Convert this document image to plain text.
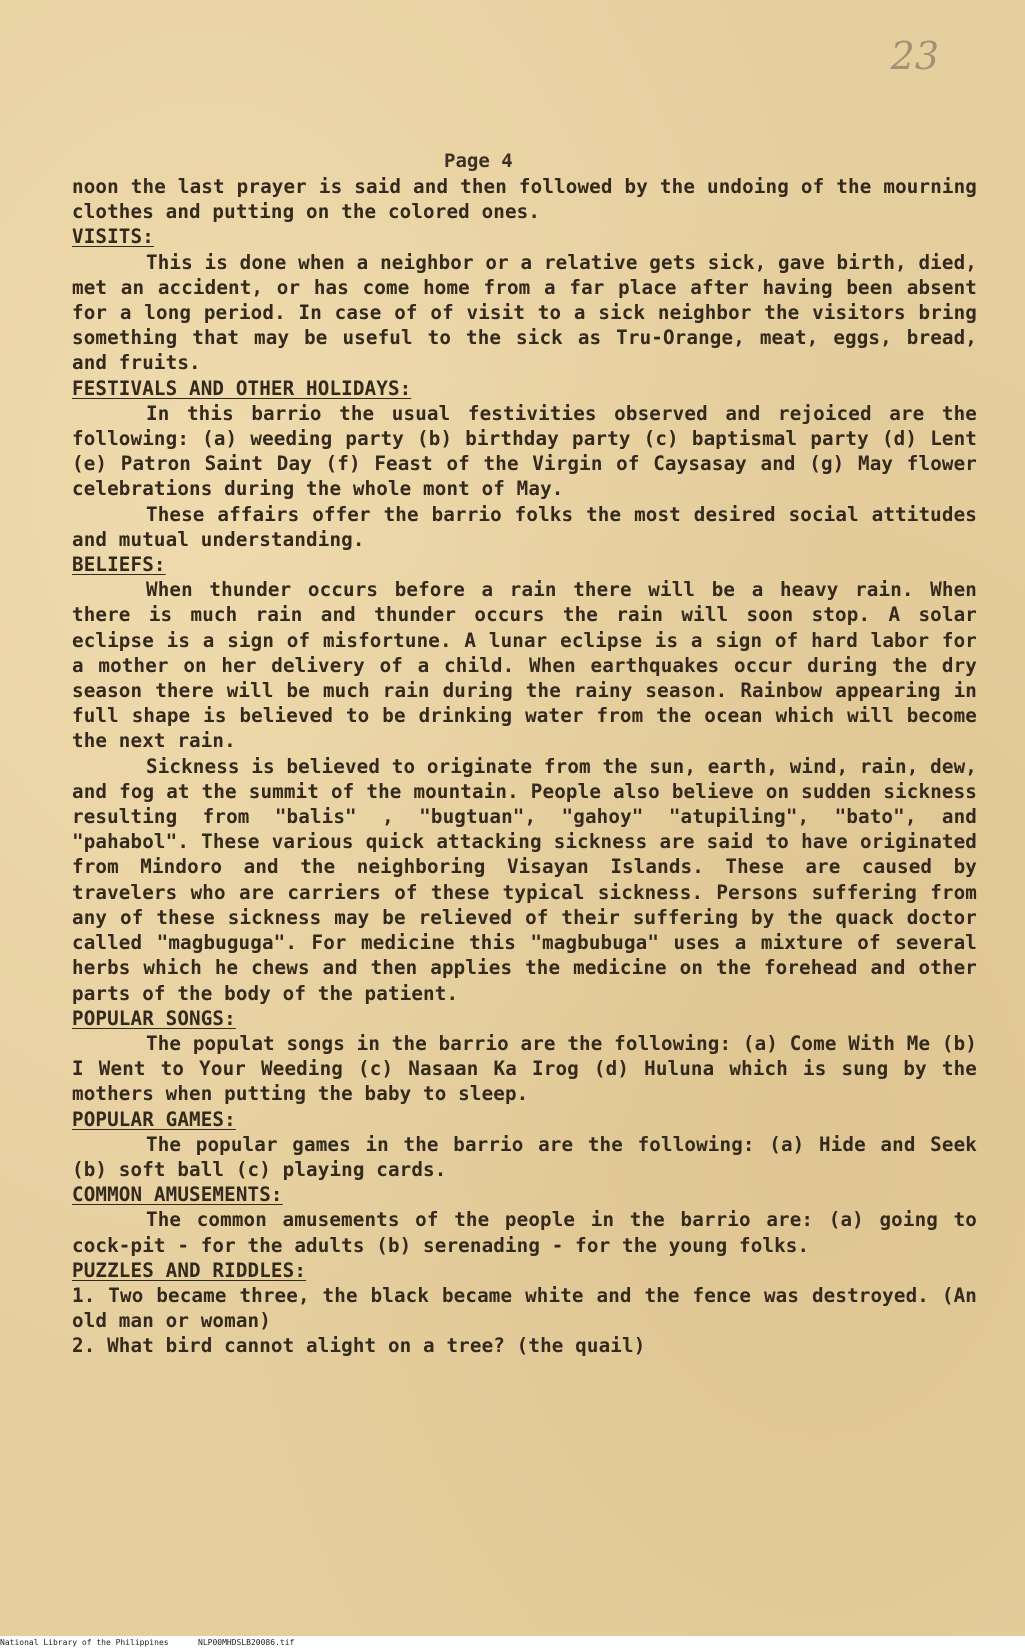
23
Page 4

noon the last prayer is said and then followed by the undoing of the mourning clothes and putting on the colored ones.

VISITS:

This is done when a neighbor or a relative gets sick, gave birth, died, met an accident, or has come home from a far place after having been absent for a long period. In case of of visit to a sick neighbor the visitors bring something that may be useful to the sick as Tru-Orange, meat, eggs, bread, and fruits.

FESTIVALS AND OTHER HOLIDAYS:

In this barrio the usual festivities observed and rejoiced are the following: (a) weeding party (b) birthday party (c) baptismal party (d) Lent (e) Patron Saint Day (f) Feast of the Virgin of Caysasay and (g) May flower celebrations during the whole mont of May.

These affairs offer the barrio folks the most desired social attitudes and mutual understanding.

BELIEFS:

When thunder occurs before a rain there will be a heavy rain. When there is much rain and thunder occurs the rain will soon stop. A solar eclipse is a sign of misfortune. A lunar eclipse is a sign of hard labor for a mother on her delivery of a child. When earthquakes occur during the dry season there will be much rain during the rainy season. Rainbow appearing in full shape is believed to be drinking water from the ocean which will become the next rain.

Sickness is believed to originate from the sun, earth, wind, rain, dew, and fog at the summit of the mountain. People also believe on sudden sickness resulting from "balis" , "bugtuan", "gahoy" "atupiling", "bato", and "pahabol". These various quick attacking sickness are said to have originated from Mindoro and the neighboring Visayan Islands. These are caused by travelers who are carriers of these typical sickness. Persons suffering from any of these sickness may be relieved of their suffering by the quack doctor called "magbuguga". For medicine this "magbubuga" uses a mixture of several herbs which he chews and then applies the medicine on the forehead and other parts of the body of the patient.

POPULAR SONGS:

The populat songs in the barrio are the following: (a) Come With Me (b) I Went to Your Weeding (c) Nasaan Ka Irog (d) Huluna which is sung by the mothers when putting the baby to sleep.

POPULAR GAMES:

The popular games in the barrio are the following: (a) Hide and Seek (b) soft ball (c) playing cards.

COMMON AMUSEMENTS:

The common amusements of the people in the barrio are: (a) going to cock-pit - for the adults (b) serenading - for the young folks.

PUZZLES AND RIDDLES:

1. Two became three, the black became white and the fence was destroyed. (An old man or woman)

2. What bird cannot alight on a tree? (the quail)

National Library of the Philippines	NLP00MHDSLB20086.tif
